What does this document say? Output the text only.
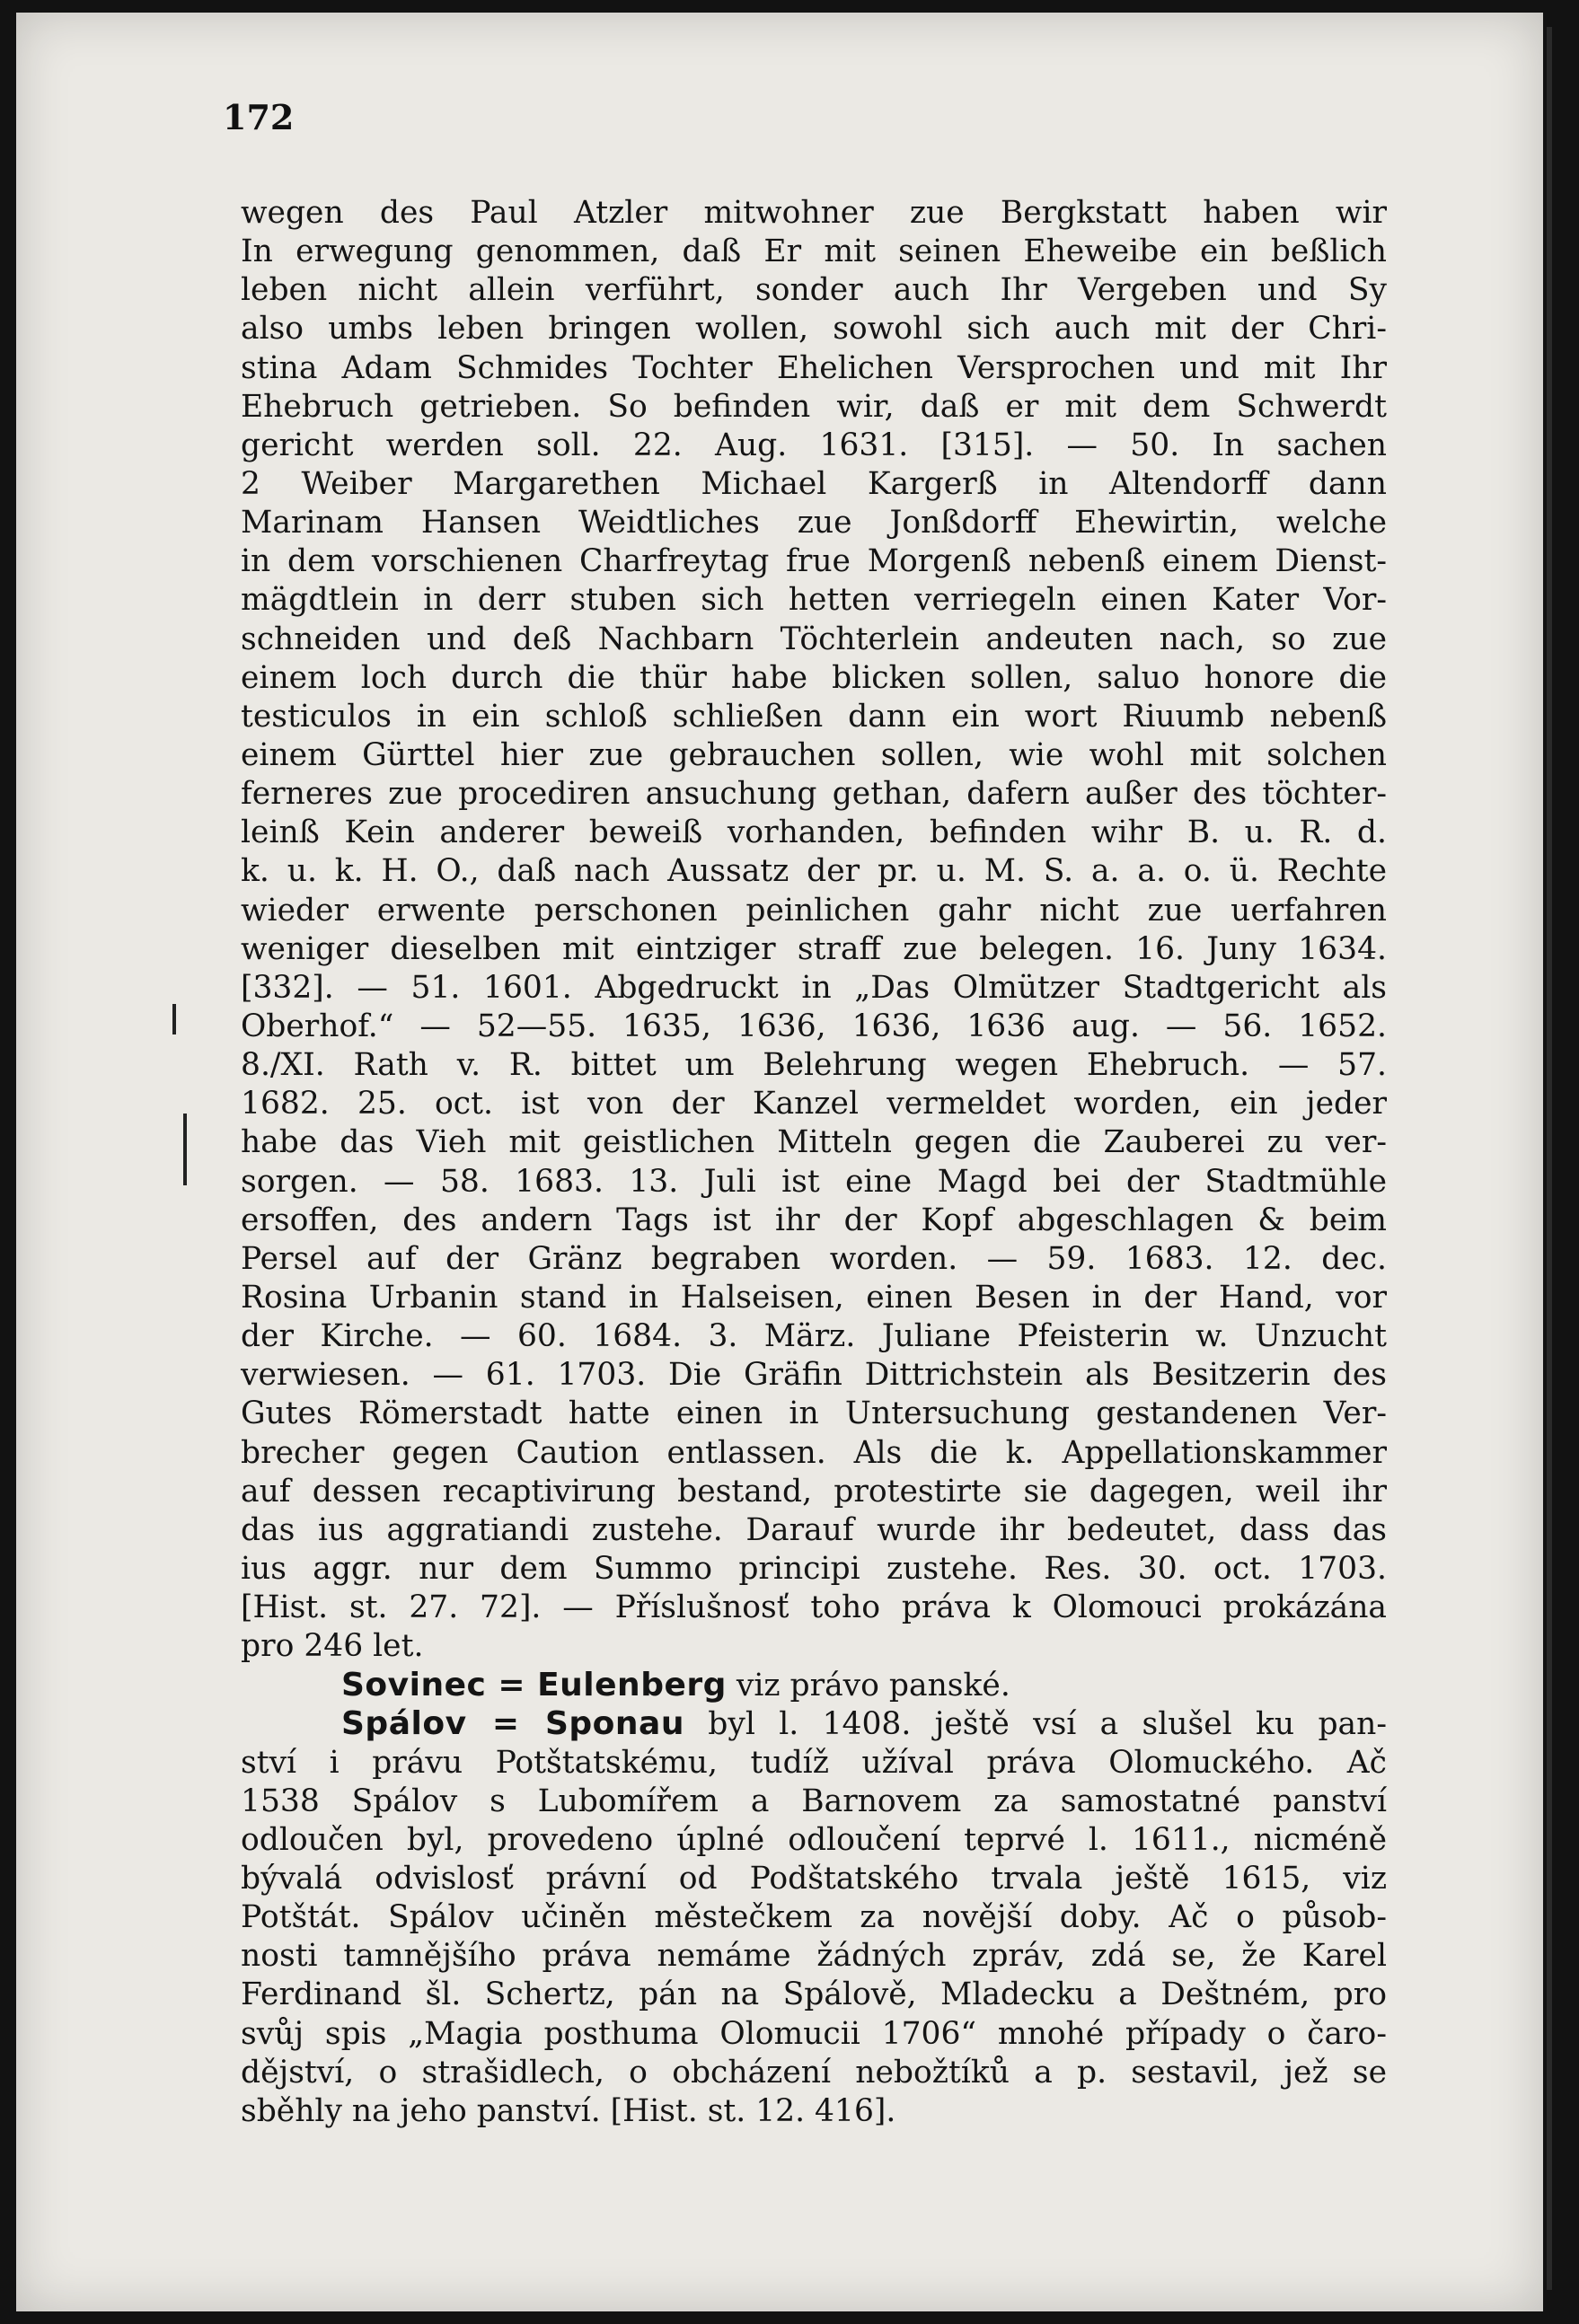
172
wegen des Paul Atzler mitwohner zue Bergkstatt haben wir
In erwegung genommen, daß Er mit seinen Eheweibe ein beßlich
leben nicht allein verführt, sonder auch Ihr Vergeben und Sy
also umbs leben bringen wollen, sowohl sich auch mit der Chri-
stina Adam Schmides Tochter Ehelichen Versprochen und mit Ihr
Ehebruch getrieben. So befinden wir, daß er mit dem Schwerdt
gericht werden soll. 22. Aug. 1631. [315]. — 50. In sachen
2 Weiber Margarethen Michael Kargerß in Altendorff dann
Marinam Hansen Weidtliches zue Jonßdorff Ehewirtin, welche
in dem vorschienen Charfreytag frue Morgenß nebenß einem Dienst-
mägdtlein in derr stuben sich hetten verriegeln einen Kater Vor-
schneiden und deß Nachbarn Töchterlein andeuten nach, so zue
einem loch durch die thür habe blicken sollen, saluo honore die
testiculos in ein schloß schließen dann ein wort Riuumb nebenß
einem Gürttel hier zue gebrauchen sollen, wie wohl mit solchen
ferneres zue procediren ansuchung gethan, dafern außer des töchter-
leinß Kein anderer beweiß vorhanden, befinden wihr B. u. R. d.
k. u. k. H. O., daß nach Aussatz der pr. u. M. S. a. a. o. ü. Rechte
wieder erwente perschonen peinlichen gahr nicht zue uerfahren
weniger dieselben mit eintziger straff zue belegen. 16. Juny 1634.
[332]. — 51. 1601. Abgedruckt in „Das Olmützer Stadtgericht als
Oberhof.“ — 52—55. 1635, 1636, 1636, 1636 aug. — 56. 1652.
8./XI. Rath v. R. bittet um Belehrung wegen Ehebruch. — 57.
1682. 25. oct. ist von der Kanzel vermeldet worden, ein jeder
habe das Vieh mit geistlichen Mitteln gegen die Zauberei zu ver-
sorgen. — 58. 1683. 13. Juli ist eine Magd bei der Stadtmühle
ersoffen, des andern Tags ist ihr der Kopf abgeschlagen & beim
Persel auf der Gränz begraben worden. — 59. 1683. 12. dec.
Rosina Urbanin stand in Halseisen, einen Besen in der Hand, vor
der Kirche. — 60. 1684. 3. März. Juliane Pfeisterin w. Unzucht
verwiesen. — 61. 1703. Die Gräfin Dittrichstein als Besitzerin des
Gutes Römerstadt hatte einen in Untersuchung gestandenen Ver-
brecher gegen Caution entlassen. Als die k. Appellationskammer
auf dessen recaptivirung bestand, protestirte sie dagegen, weil ihr
das ius aggratiandi zustehe. Darauf wurde ihr bedeutet, dass das
ius aggr. nur dem Summo principi zustehe. Res. 30. oct. 1703.
[Hist. st. 27. 72]. — Příslušnosť toho práva k Olomouci prokázána
pro 246 let.
Sovinec = Eulenberg viz právo panské.
Spálov = Sponau byl l. 1408. ještě vsí a slušel ku pan-
ství i právu Potštatskému, tudíž užíval práva Olomuckého. Ač
1538 Spálov s Lubomířem a Barnovem za samostatné panství
odloučen byl, provedeno úplné odloučení teprvé l. 1611., nicméně
bývalá odvislosť právní od Podštatského trvala ještě 1615, viz
Potštát. Spálov učiněn městečkem za novější doby. Ač o působ-
nosti tamnějšího práva nemáme žádných zpráv, zdá se, že Karel
Ferdinand šl. Schertz, pán na Spálově, Mladecku a Deštném, pro
svůj spis „Magia posthuma Olomucii 1706“ mnohé případy o čaro-
dějství, o strašidlech, o obcházení nebožtíků a p. sestavil, jež se
sběhly na jeho panství. [Hist. st. 12. 416].
